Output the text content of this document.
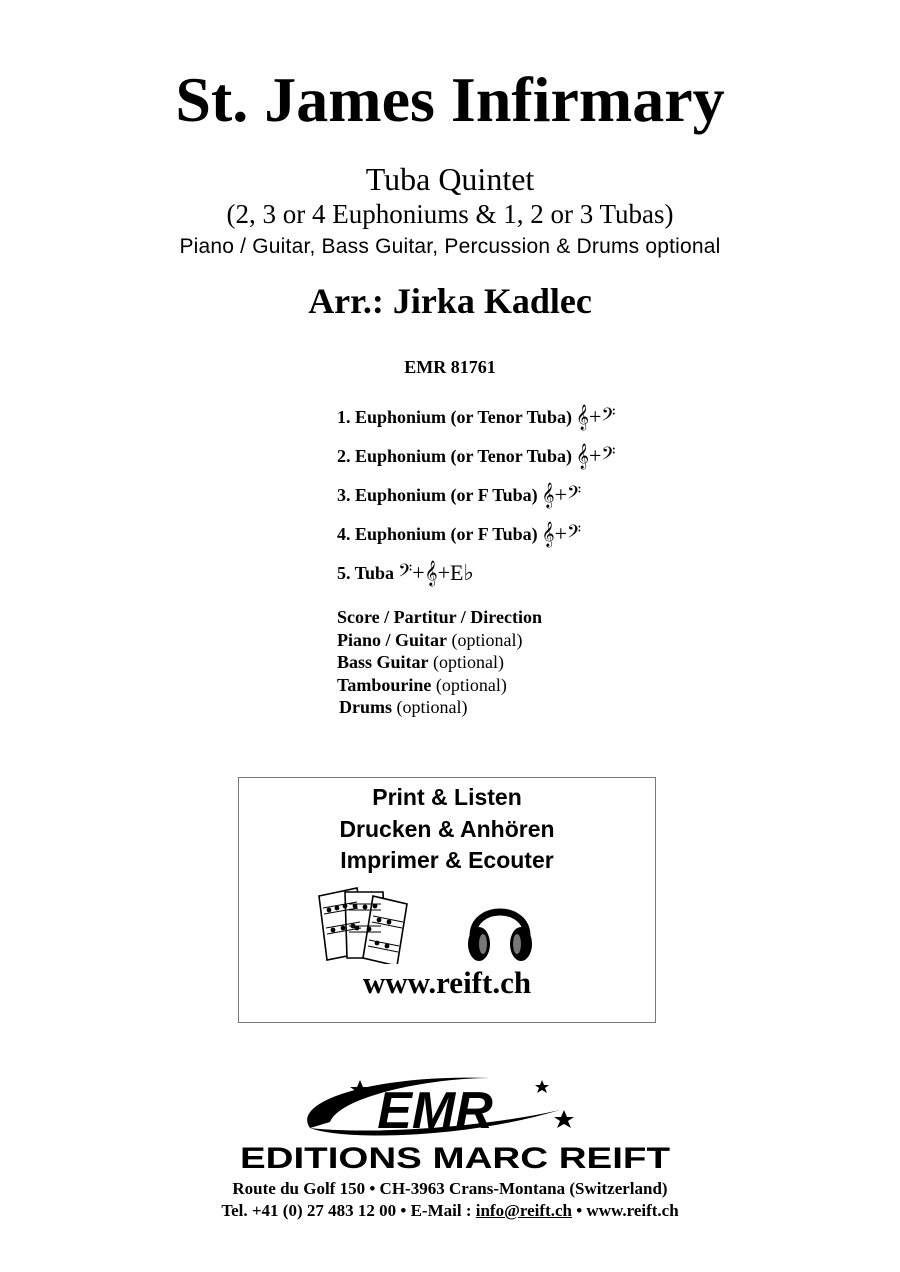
St. James Infirmary
Tuba Quintet
(2, 3 or 4 Euphoniums & 1, 2 or 3 Tubas)
Piano / Guitar, Bass Guitar, Percussion & Drums optional
Arr.: Jirka Kadlec
EMR 81761
1. Euphonium (or Tenor Tuba) 𝄞+𝄢
2. Euphonium (or Tenor Tuba) 𝄞+𝄢
3. Euphonium (or F Tuba) 𝄞+𝄢
4. Euphonium (or F Tuba) 𝄞+𝄢
5. Tuba 𝄢+𝄞+E♭
Score / Partitur / Direction
Piano / Guitar (optional)
Bass Guitar (optional)
Tambourine (optional)
Drums (optional)
Print & Listen
Drucken & Anhören
Imprimer & Ecouter
www.reift.ch
EMR
EDITIONS MARC REIFT
Route du Golf 150 • CH-3963 Crans-Montana (Switzerland)
Tel. +41 (0) 27 483 12 00 • E-Mail : info@reift.ch • www.reift.ch
